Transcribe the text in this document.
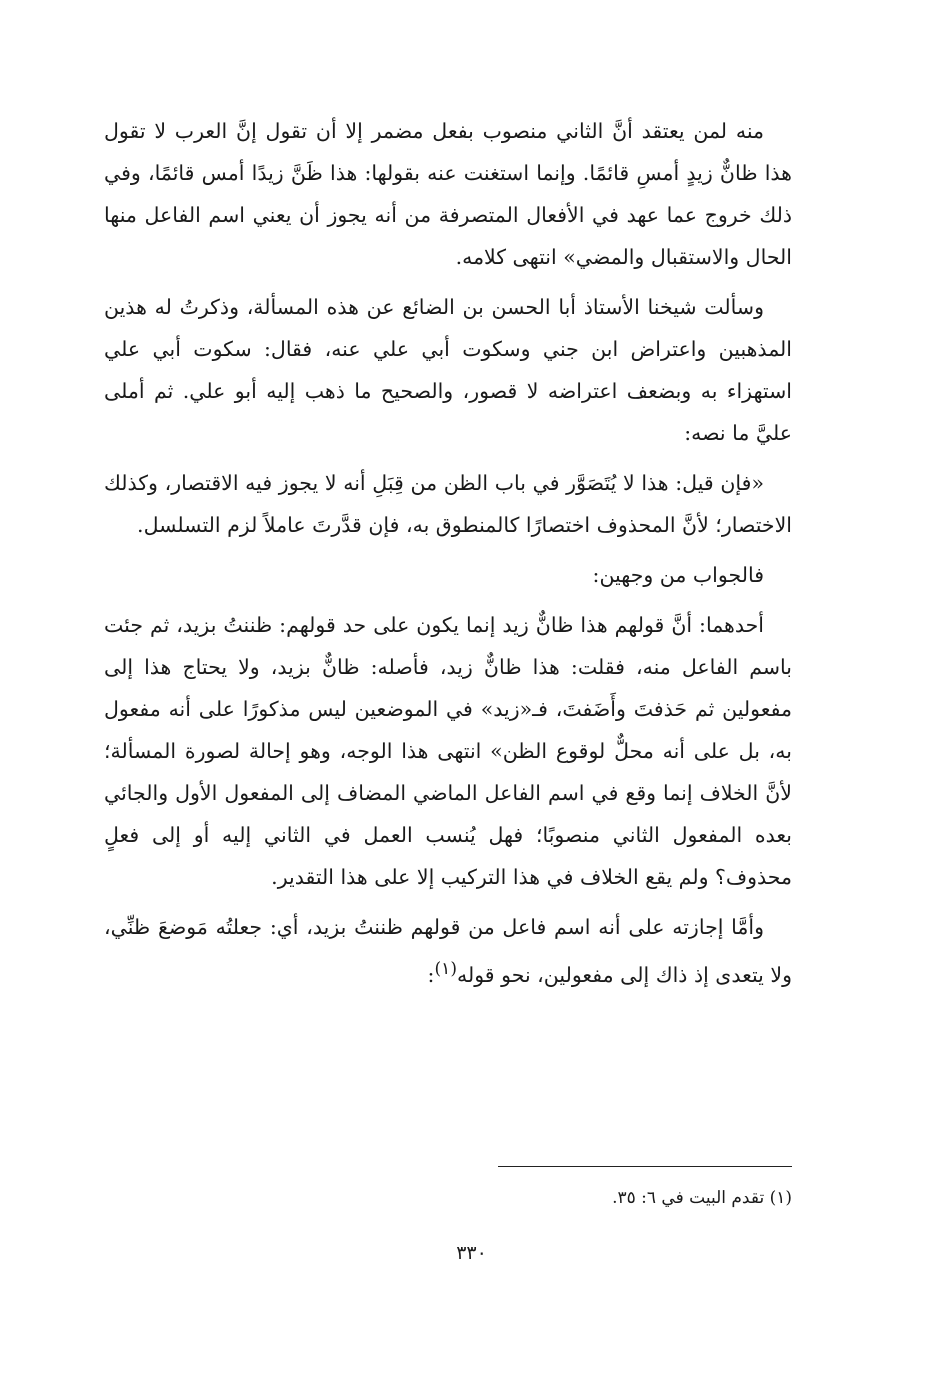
منه لمن يعتقد أنَّ الثاني منصوب بفعل مضمر إلا أن تقول إنَّ العرب لا تقول هذا ظانٌّ زيدٍ أمسِ قائمًا. وإنما استغنت عنه بقولها: هذا ظَنَّ زيدًا أمس قائمًا، وفي ذلك خروج عما عهد في الأفعال المتصرفة من أنه يجوز أن يعني اسم الفاعل منها الحال والاستقبال والمضي» انتهى كلامه.

وسألت شيخنا الأستاذ أبا الحسن بن الضائع عن هذه المسألة، وذكرتُ له هذين المذهبين واعتراض ابن جني وسكوت أبي علي عنه، فقال: سكوت أبي علي استهزاء به وبضعف اعتراضه لا قصور، والصحيح ما ذهب إليه أبو علي. ثم أملى عليَّ ما نصه:

«فإن قيل: هذا لا يُتَصَوَّر في باب الظن من قِبَلِ أنه لا يجوز فيه الاقتصار، وكذلك الاختصار؛ لأنَّ المحذوف اختصارًا كالمنطوق به، فإن قدَّرتَ عاملاً لزم التسلسل.

فالجواب من وجهين:

أحدهما: أنَّ قولهم هذا ظانٌّ زيد إنما يكون على حد قولهم: ظننتُ بزيد، ثم جئت باسم الفاعل منه، فقلت: هذا ظانٌّ زيد، فأصله: ظانٌّ بزيد، ولا يحتاج هذا إلى مفعولين ثم حَذفتَ وأَضَفتَ، فـ«زيد» في الموضعين ليس مذكورًا على أنه مفعول به، بل على أنه محلٌّ لوقوع الظن» انتهى هذا الوجه، وهو إحالة لصورة المسألة؛ لأنَّ الخلاف إنما وقع في اسم الفاعل الماضي المضاف إلى المفعول الأول والجائي بعده المفعول الثاني منصوبًا؛ فهل يُنسب العمل في الثاني إليه أو إلى فعلٍ محذوف؟ ولم يقع الخلاف في هذا التركيب إلا على هذا التقدير.

وأمَّا إجازته على أنه اسم فاعل من قولهم ظننتُ بزيد، أي: جعلتُه مَوضعَ ظنِّي، ولا يتعدى إذ ذاك إلى مفعولين، نحو قوله$^{(١)}$:

(١) تقدم البيت في ٦: ٣٥.
٣٣٠
